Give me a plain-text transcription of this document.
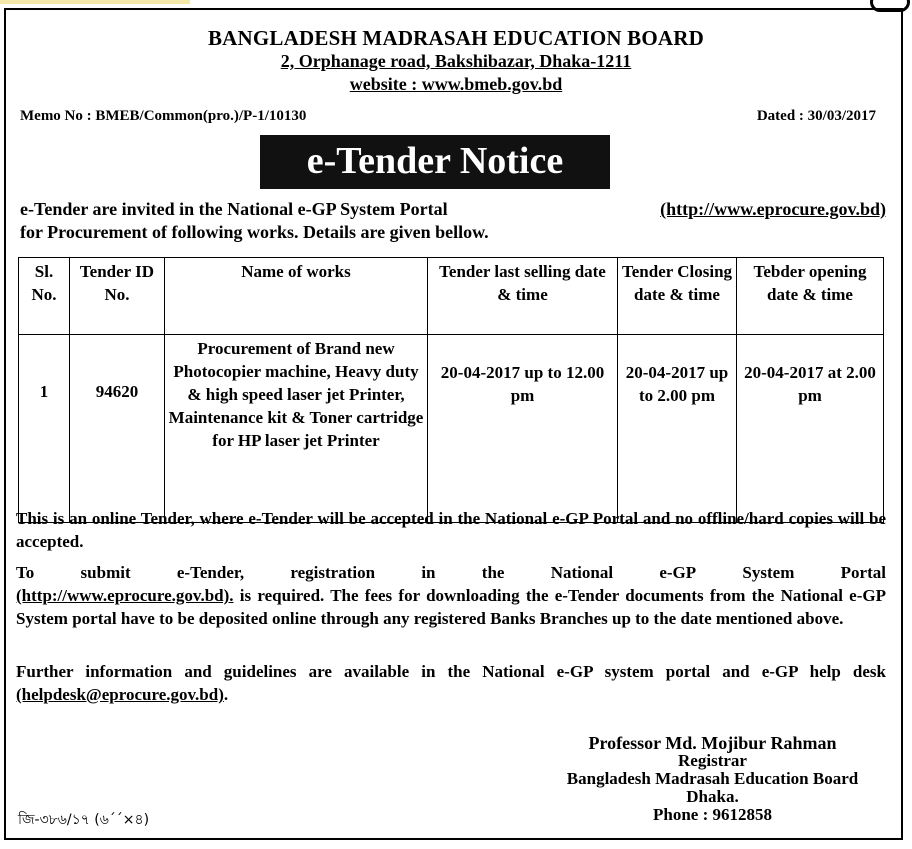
BANGLADESH MADRASAH EDUCATION BOARD
2, Orphanage road, Bakshibazar, Dhaka-1211
website : www.bmeb.gov.bd
Memo No : BMEB/Common(pro.)/P-1/10130	Dated : 30/03/2017
e-Tender Notice
e-Tender are invited in the National e-GP System Portal	(http://www.eprocure.gov.bd)
for Procurement of following works. Details are given bellow.
Sl. No.	Tender ID No.	Name of works	Tender last selling date & time	Tender Closing date & time	Tebder opening date & time
1	94620	Procurement of Brand new Photocopier machine, Heavy duty & high speed laser jet Printer, Maintenance kit & Toner cartridge for HP laser jet Printer	20-04-2017 up to 12.00 pm	20-04-2017 up to 2.00 pm	20-04-2017 at 2.00 pm
This is an online Tender, where e-Tender will be accepted in the National e-GP Portal and no offline/hard copies will be accepted.
To	submit	e-Tender,	registration	in	the	National	e-GP	System	Portal
(http://www.eprocure.gov.bd). is required. The fees for downloading the e-Tender documents from the National e-GP System portal have to be deposited online through any registered Banks Branches up to the date mentioned above.
Further information and guidelines are available in the National e-GP system portal and e-GP help desk (helpdesk@eprocure.gov.bd).
Professor Md. Mojibur Rahman
Registrar
Bangladesh Madrasah Education Board
Dhaka.
Phone : 9612858
জি-৩৮৬/১৭ (৬´´×৪)
